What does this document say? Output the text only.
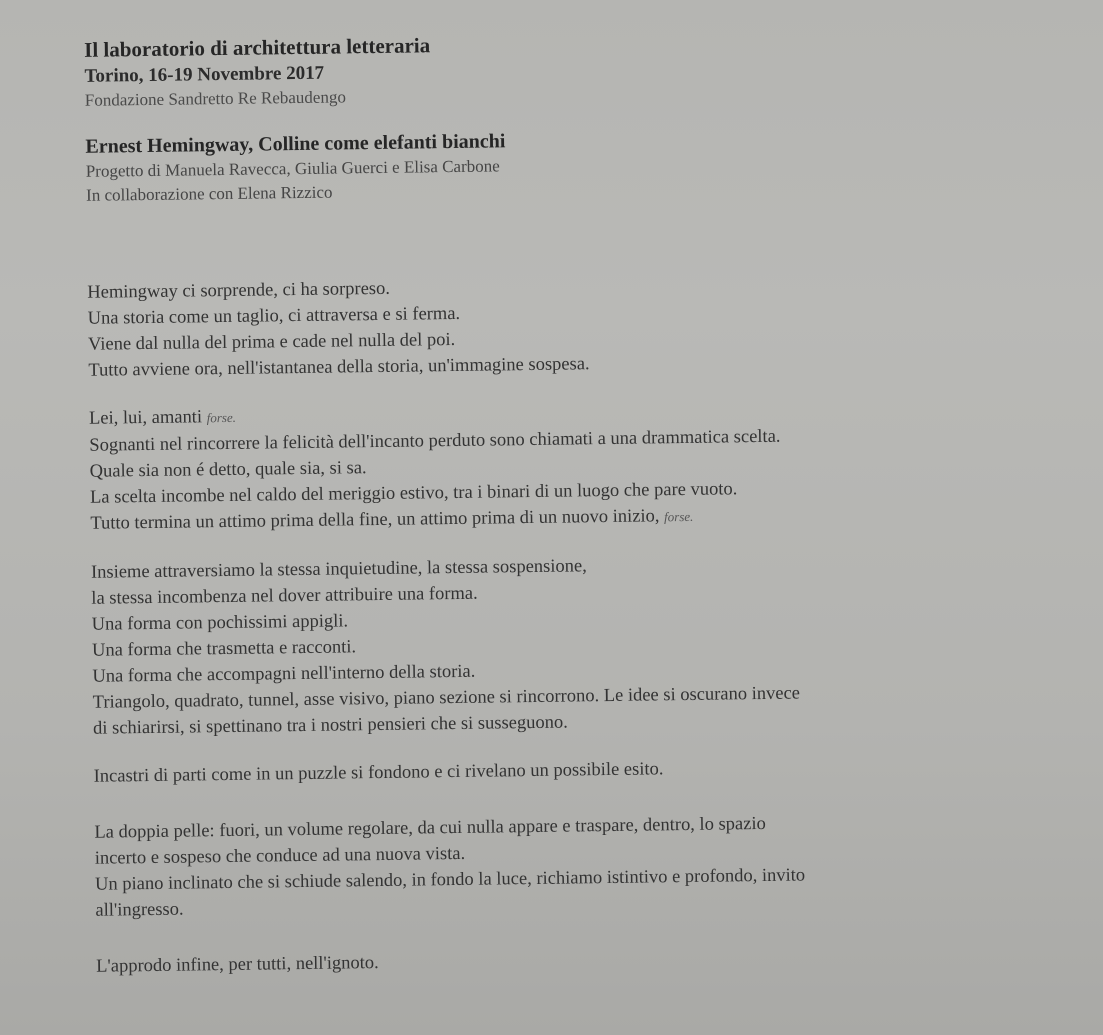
Il laboratorio di architettura letteraria
Torino, 16-19 Novembre 2017
Fondazione Sandretto Re Rebaudengo
Ernest Hemingway, Colline come elefanti bianchi
Progetto di Manuela Ravecca, Giulia Guerci e Elisa Carbone
In collaborazione con Elena Rizzico
Hemingway ci sorprende, ci ha sorpreso.
Una storia come un taglio, ci attraversa e si ferma.
Viene dal nulla del prima e cade nel nulla del poi.
Tutto avviene ora, nell'istantanea della storia, un'immagine sospesa.
Lei, lui, amanti forse.
Sognanti nel rincorrere la felicità dell'incanto perduto sono chiamati a una drammatica scelta.
Quale sia non é detto, quale sia, si sa.
La scelta incombe nel caldo del meriggio estivo, tra i binari di un luogo che pare vuoto.
Tutto termina un attimo prima della fine, un attimo prima di un nuovo inizio, forse.
Insieme attraversiamo la stessa inquietudine, la stessa sospensione,
la stessa incombenza nel dover attribuire una forma.
Una forma con pochissimi appigli.
Una forma che trasmetta e racconti.
Una forma che accompagni nell'interno della storia.
Triangolo, quadrato, tunnel, asse visivo, piano sezione si rincorrono. Le idee si oscurano invece
di schiarirsi, si spettinano tra i nostri pensieri che si susseguono.
Incastri di parti come in un puzzle si fondono e ci rivelano un possibile esito.
La doppia pelle: fuori, un volume regolare, da cui nulla appare e traspare, dentro, lo spazio
incerto e sospeso che conduce ad una nuova vista.
Un piano inclinato che si schiude salendo, in fondo la luce, richiamo istintivo e profondo, invito
all'ingresso.
L'approdo infine, per tutti, nell'ignoto.
